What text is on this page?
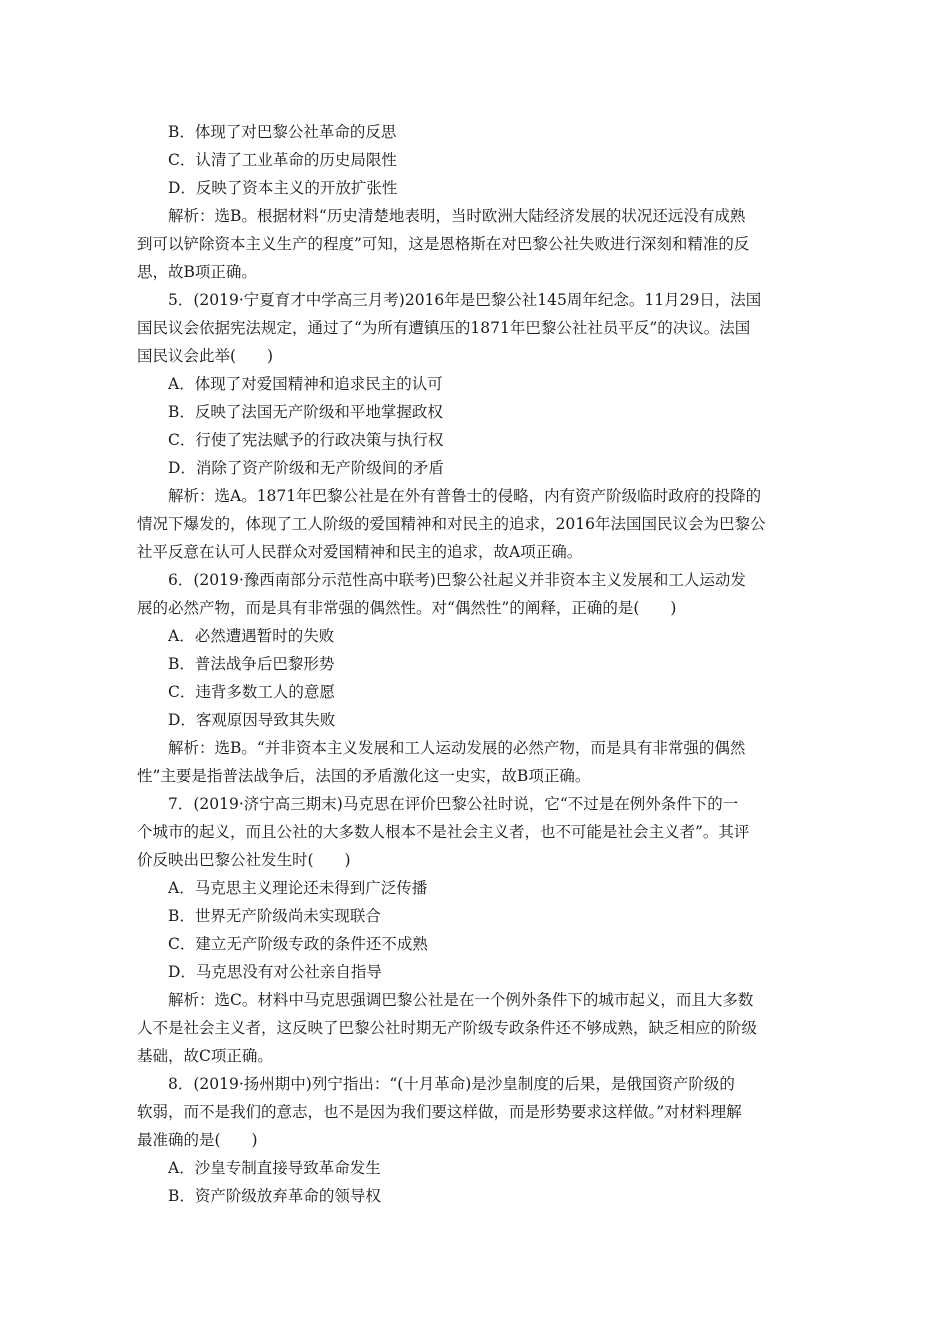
B．体现了对巴黎公社革命的反思
C．认清了工业革命的历史局限性
D．反映了资本主义的开放扩张性
解析：选B。根据材料“历史清楚地表明，当时欧洲大陆经济发展的状况还远没有成熟
到可以铲除资本主义生产的程度”可知，这是恩格斯在对巴黎公社失败进行深刻和精准的反
思，故B项正确。
5．(2019·宁夏育才中学高三月考)2016年是巴黎公社145周年纪念。11月29日，法国
国民议会依据宪法规定，通过了“为所有遭镇压的1871年巴黎公社社员平反”的决议。法国
国民议会此举(　　)
A．体现了对爱国精神和追求民主的认可
B．反映了法国无产阶级和平地掌握政权
C．行使了宪法赋予的行政决策与执行权
D．消除了资产阶级和无产阶级间的矛盾
解析：选A。1871年巴黎公社是在外有普鲁士的侵略，内有资产阶级临时政府的投降的
情况下爆发的，体现了工人阶级的爱国精神和对民主的追求，2016年法国国民议会为巴黎公
社平反意在认可人民群众对爱国精神和民主的追求，故A项正确。
6．(2019·豫西南部分示范性高中联考)巴黎公社起义并非资本主义发展和工人运动发
展的必然产物，而是具有非常强的偶然性。对“偶然性”的阐释，正确的是(　　)
A．必然遭遇暂时的失败
B．普法战争后巴黎形势
C．违背多数工人的意愿
D．客观原因导致其失败
解析：选B。“并非资本主义发展和工人运动发展的必然产物，而是具有非常强的偶然
性”主要是指普法战争后，法国的矛盾激化这一史实，故B项正确。
7．(2019·济宁高三期末)马克思在评价巴黎公社时说，它“不过是在例外条件下的一
个城市的起义，而且公社的大多数人根本不是社会主义者，也不可能是社会主义者”。其评
价反映出巴黎公社发生时(　　)
A．马克思主义理论还未得到广泛传播
B．世界无产阶级尚未实现联合
C．建立无产阶级专政的条件还不成熟
D．马克思没有对公社亲自指导
解析：选C。材料中马克思强调巴黎公社是在一个例外条件下的城市起义，而且大多数
人不是社会主义者，这反映了巴黎公社时期无产阶级专政条件还不够成熟，缺乏相应的阶级
基础，故C项正确。
8．(2019·扬州期中)列宁指出：“(十月革命)是沙皇制度的后果，是俄国资产阶级的
软弱，而不是我们的意志，也不是因为我们要这样做，而是形势要求这样做。”对材料理解
最准确的是(　　)
A．沙皇专制直接导致革命发生
B．资产阶级放弃革命的领导权
